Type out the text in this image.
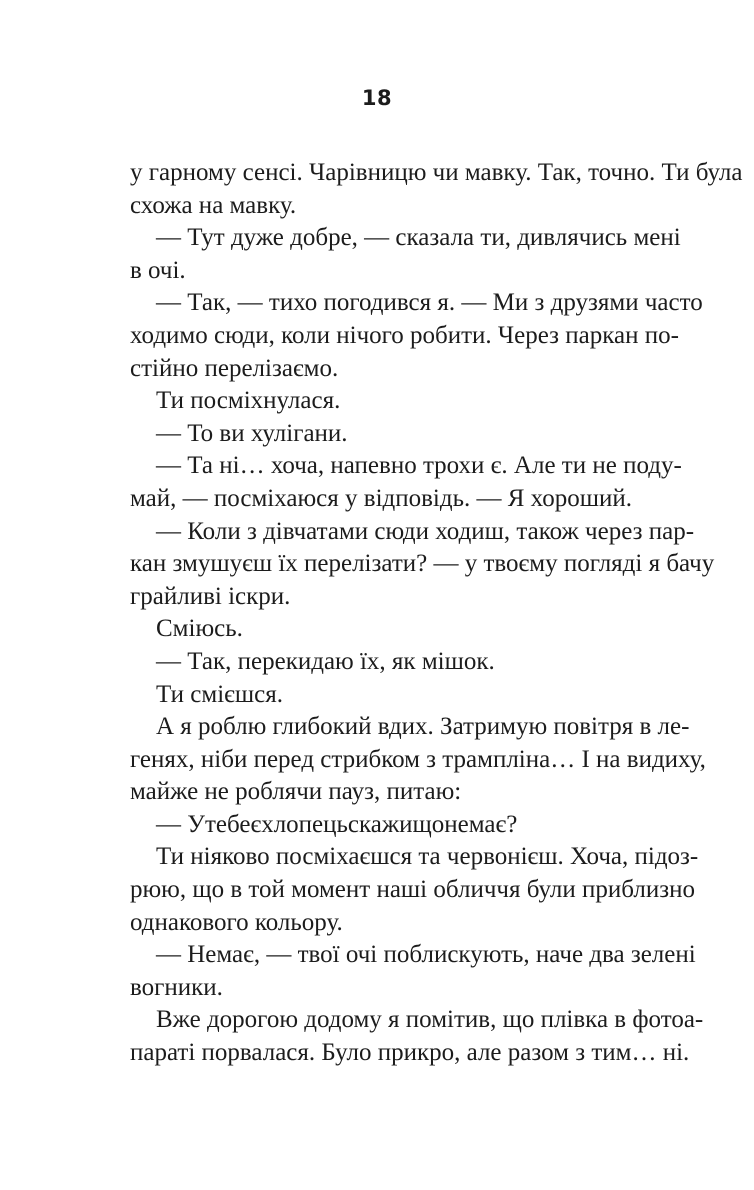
18
у гарному сенсі. Чарівницю чи мавку. Так, точно. Ти була
схожа на мавку.
— Тут дуже добре, — сказала ти, дивлячись мені
в очі.
— Так, — тихо погодився я. — Ми з друзями часто
ходимо сюди, коли нічого робити. Через паркан по-
стійно перелізаємо.
Ти посміхнулася.
— То ви хулігани.
— Та ні… хоча, напевно трохи є. Але ти не поду-
май, — посміхаюся у відповідь. — Я хороший.
— Коли з дівчатами сюди ходиш, також через пар-
кан змушуєш їх перелізати? — у твоєму погляді я бачу
грайливі іскри.
Сміюсь.
— Так, перекидаю їх, як мішок.
Ти смієшся.
А я роблю глибокий вдих. Затримую повітря в ле-
генях, ніби перед стрибком з трампліна… І на видиху,
майже не роблячи пауз, питаю:
— Утебеєхлопецьскажищонемає?
Ти ніяково посміхаєшся та червонієш. Хоча, підоз-
рюю, що в той момент наші обличчя були приблизно
однакового кольору.
— Немає, — твої очі поблискують, наче два зелені
вогники.
Вже дорогою додому я помітив, що плівка в фотоа-
параті порвалася. Було прикро, але разом з тим… ні.
